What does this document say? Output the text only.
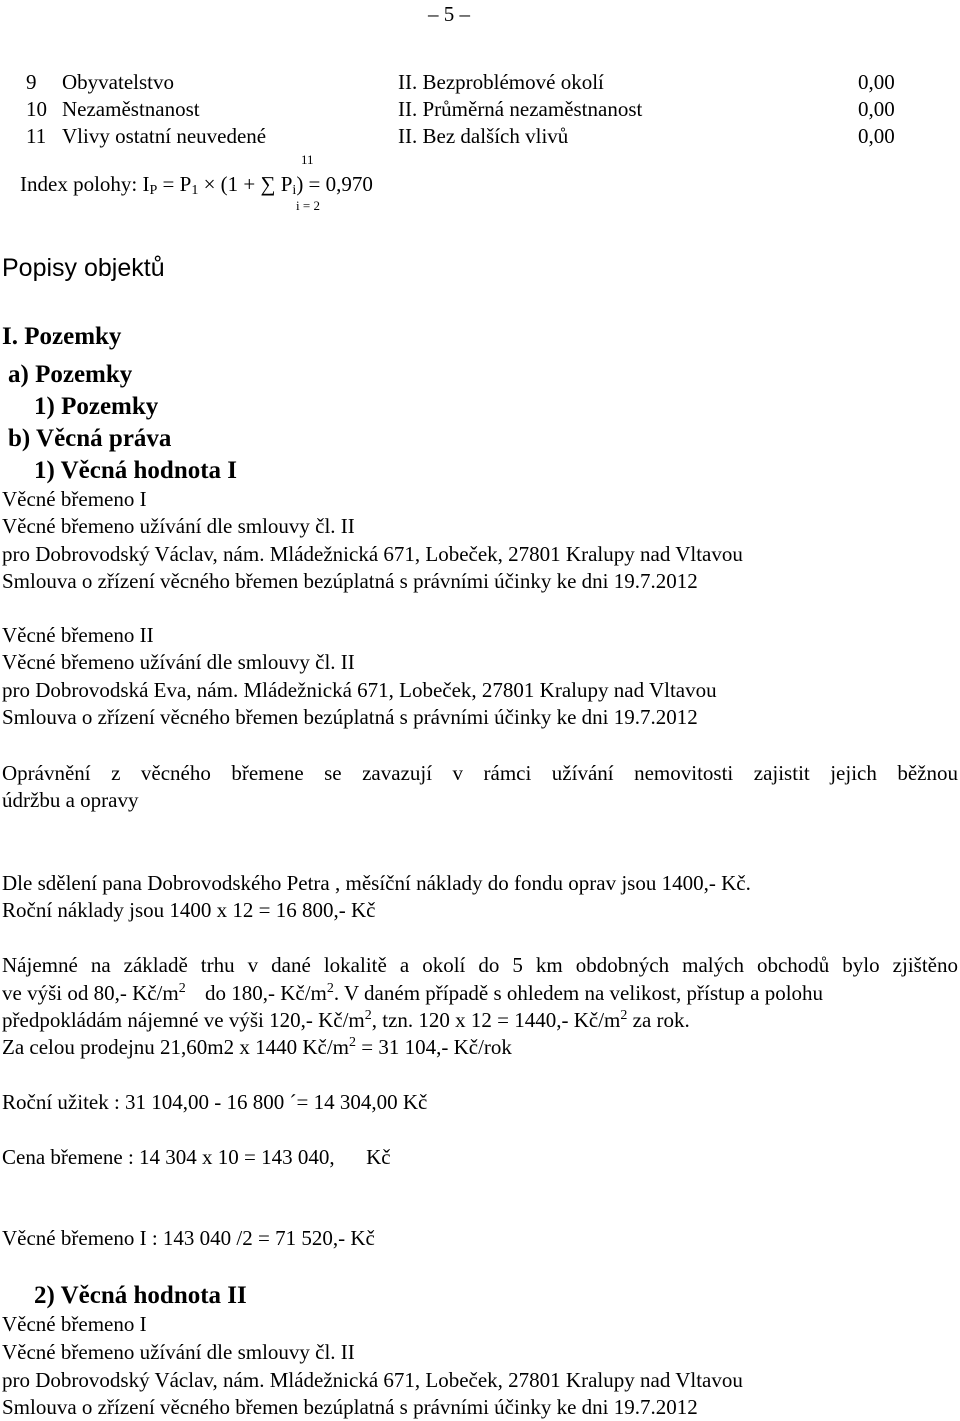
– 5 –
9 Obyvatelstvo	II. Bezproblémové okolí	0,00
10 Nezaměstnanost	II. Průměrná nezaměstnanost	0,00
11 Vlivy ostatní neuvedené	II. Bez dalších vlivů	0,00
11
Index polohy: $I_P = P_1 \times (1$ + ∑ $P_i) = 0,970$
i = 2
Popisy objektů
I. Pozemky
a) Pozemky
1) Pozemky
b) Věcná práva
1) Věcná hodnota I
Věcné břemeno I
Věcné břemeno užívání dle smlouvy čl. II
pro Dobrovodský Václav, nám. Mládežnická 671, Lobeček, 27801 Kralupy nad Vltavou
Smlouva o zřízení věcného břemen bezúplatná s právními účinky ke dni 19.7.2012
Věcné břemeno II
Věcné břemeno užívání dle smlouvy čl. II
pro Dobrovodská Eva, nám. Mládežnická 671, Lobeček, 27801 Kralupy nad Vltavou
Smlouva o zřízení věcného břemen bezúplatná s právními účinky ke dni 19.7.2012
Oprávnění z věcného břemene se zavazují v rámci užívání nemovitosti zajistit jejich běžnou
údržbu a opravy
Dle sdělení pana Dobrovodského Petra , měsíční náklady do fondu oprav jsou 1400,- Kč.
Roční náklady jsou 1400 x 12 = 16 800,- Kč
Nájemné na základě trhu v dané lokalitě a okolí do 5 km obdobných malých obchodů bylo zjištěno
ve výši od 80,- $Kč/m^2$ do 180,- $Kč/m^2$. V daném případě s ohledem na velikost, přístup a polohu
předpokládám nájemné ve výši 120,- $Kč/m^2$, tzn. 120 x 12 = 1440,- $Kč/m^2$ za rok.
Za celou prodejnu 21,60m2 x 1440 $Kč/m^2 = 31$ 104,- Kč/rok
Roční užitek : 31 104,00 - 16 800 ´= 14 304,00 Kč
Cena břemene : 14 304 x 10 = 143 040,      Kč
Věcné břemeno I : 143 040 /2 = 71 520,- Kč
2) Věcná hodnota II
Věcné břemeno I
Věcné břemeno užívání dle smlouvy čl. II
pro Dobrovodský Václav, nám. Mládežnická 671, Lobeček, 27801 Kralupy nad Vltavou
Smlouva o zřízení věcného břemen bezúplatná s právními účinky ke dni 19.7.2012
